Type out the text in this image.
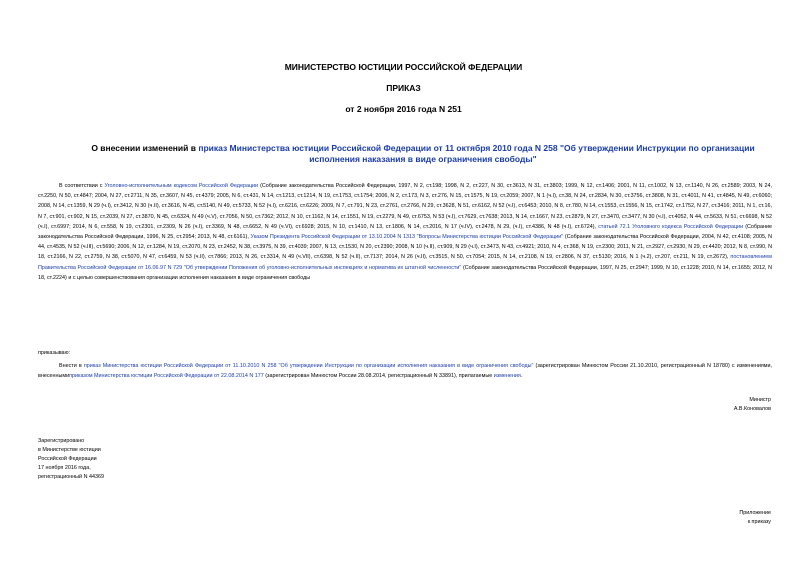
МИНИСТЕРСТВО ЮСТИЦИИ РОССИЙСКОЙ ФЕДЕРАЦИИ
ПРИКАЗ
от 2 ноября 2016 года N 251
О внесении изменений в приказ Министерства юстиции Российской Федерации от 11 октября 2010 года N 258 "Об утверждении Инструкции по организации исполнения наказания в виде ограничения свободы"
В соответствии с Уголовно-исполнительным кодексом Российской Федерации (Собрание законодательства Российской Федерации, 1997, N 2, ст.198; 1998, N 2, ст.227, N 30, ст.3613, N 31, ст.3803; 1999, N 12, ст.1406; 2001, N 11, ст.1002, N 13, ст.1140, N 26, ст.2589; 2003, N 24, ст.2250, N 50, ст.4847; 2004, N 27, ст.2711, N 35, ст.3607, N 45, ст.4379; 2005, N 6, ст.431, N 14, ст.1213, ст.1214, N 19, ст.1753, ст.1754; 2006, N 2, ст.173, N 3, ст.276, N 15, ст.1575, N 19, ст.2059; 2007, N 1 (ч.I), ст.38, N 24, ст.2834, N 30, ст.3756, ст.3808, N 31, ст.4011, N 41, ст.4845, N 49, ст.6060; 2008, N 14, ст.1359, N 29 (ч.I), ст.3412, N 30 (ч.II), ст.3616, N 45, ст.5140, N 49, ст.5733, N 52 (ч.I), ст.6216, ст.6226; 2009, N 7, ст.791, N 23, ст.2761, ст.2766, N 29, ст.3628, N 51, ст.6162, N 52 (ч.I), ст.6453; 2010, N 8, ст.780, N 14, ст.1553, ст.1556, N 15, ст.1742, ст.1752, N 27, ст.3416; 2011, N 1, ст.16, N 7, ст.901, ст.902, N 15, ст.2039, N 27, ст.3870, N 45, ст.6324, N 49 (ч.V), ст.7056, N 50, ст.7362; 2012, N 10, ст.1162, N 14, ст.1551, N 19, ст.2279, N 49, ст.6753, N 53 (ч.I), ст.7629, ст.7638; 2013, N 14, ст.1667, N 23, ст.2879, N 27, ст.3470, ст.3477, N 30 (ч.I), ст.4052, N 44, ст.5633, N 51, ст.6698, N 52 (ч.I), ст.6997; 2014, N 6, ст.558, N 19, ст.2301, ст.2309, N 26 (ч.I), ст.3369, N 48, ст.6652, N 49 (ч.VI), ст.6928; 2015, N 10, ст.1410, N 13, ст.1806, N 14, ст.2016, N 17 (ч.IV), ст.2478, N 29, (ч.I), ст.4386, N 48 (ч.I), ст.6724), статьей 72.1 Уголовного кодекса Российской Федерации (Собрание законодательства Российской Федерации, 1996, N 25, ст.2954; 2013, N 48, ст.6161), Указом Президента Российской Федерации от 13.10.2004 N 1313 "Вопросы Министерства юстиции Российской Федерации" (Собрание законодательства Российской Федерации, 2004, N 42, ст.4108; 2005, N 44, ст.4535, N 52 (ч.III), ст.5690; 2006, N 12, ст.1284, N 19, ст.2070, N 23, ст.2452, N 38, ст.3975, N 39, ст.4039; 2007, N 13, ст.1530, N 20, ст.2390; 2008, N 10 (ч.II), ст.909, N 29 (ч.I), ст.3473, N 43, ст.4921; 2010, N 4, ст.368, N 19, ст.2300; 2011, N 21, ст.2927, ст.2930, N 29, ст.4420; 2012, N 8, ст.990, N 18, ст.2166, N 22, ст.2759, N 38, ст.5070, N 47, ст.6459, N 53 (ч.II), ст.7866; 2013, N 26, ст.3314, N 49 (ч.VII), ст.6398, N 52 (ч.II), ст.7137; 2014, N 26 (ч.II), ст.3515, N 50, ст.7054; 2015, N 14, ст.2108, N 19, ст.2806, N 37, ст.5130; 2016, N 1 (ч.2), ст.207, ст.211, N 19, ст.2672), постановлением Правительства Российской Федерации от 16.06.97 N 729 "Об утверждении Положения об уголовно-исполнительных инспекциях и норматива их штатной численности" (Собрание законодательства Российской Федерации, 1997, N 25, ст.2947; 1999, N 10, ст.1228; 2010, N 14, ст.1655; 2012, N 18, ст.2224) и с целью совершенствования организации исполнения наказания в виде ограничения свободы
приказываю:
Внести в приказ Министерства юстиции Российской Федерации от 11.10.2010 N 258 "Об утверждении Инструкции по организации исполнения наказания в виде ограничения свободы" (зарегистрирован Минюстом России 21.10.2010, регистрационный N 18780) с изменениями, внесеннымиприказом Министерства юстиции Российской Федерации от 22.08.2014 N 177 (зарегистрирован Минюстом России 28.08.2014, регистрационный N 33891), прилагаемые изменения.
Министр
А.В.Коновалов
Зарегистрировано
в Министерстве юстиции
Российской Федерации
17 ноября 2016 года,
регистрационный N 44369
Приложение
к приказу
